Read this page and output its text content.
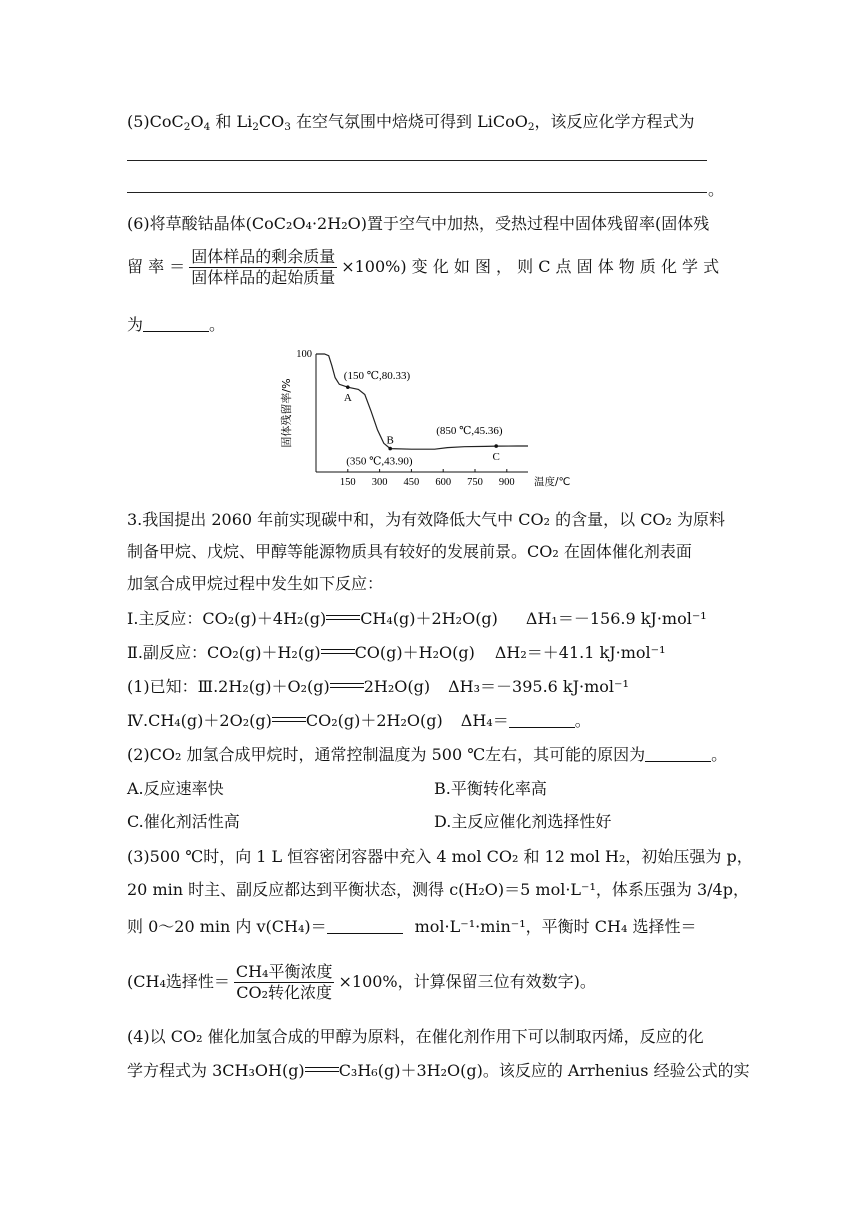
$(5)CoC_2O_4$ 和 $Li_2CO_3$ 在空气氛围中焙烧可得到 LiCoO$_2$，该反应化学方程式为
。
(6)将草酸钴晶体(CoC₂O₄·2H₂O)置于空气中加热，受热过程中固体残留率(固体残
留 率 ＝ $\frac{\text{固体样品的剩余质量}}{\text{固体样品的起始质量}} \times 100\%$) 变 化 如 图 ， 则 C 点 固 体 物 质 化 学 式
为	。
100
固体残留率/%
150 300 450 600 750 900 温度/℃
A
(150 ℃,80.33)
B
(350 ℃,43.90)	C
(850 ℃,45.36)
3.我国提出 2060 年前实现碳中和，为有效降低大气中 CO₂ 的含量，以 CO₂ 为原料
制备甲烷、戊烷、甲醇等能源物质具有较好的发展前景。CO₂ 在固体催化剂表面
加氢合成甲烷过程中发生如下反应：
Ⅰ.主反应：CO₂(g)＋4H₂(g) CH₄(g)＋2H₂O(g) ΔH₁＝－156.9 kJ·mol⁻¹
Ⅱ.副反应：CO₂(g)＋H₂(g) CO(g)＋H₂O(g) ΔH₂＝＋41.1 kJ·mol⁻¹
(1)已知：Ⅲ.2H₂(g)＋O₂(g) 2H₂O(g) ΔH₃＝－395.6 kJ·mol⁻¹
Ⅳ.CH₄(g)＋2O₂(g) CO₂(g)＋2H₂O(g) ΔH₄＝	。
(2)CO₂ 加氢合成甲烷时，通常控制温度为 500 ℃左右，其可能的原因为	。
A.反应速率快	B.平衡转化率高
C.催化剂活性高	D.主反应催化剂选择性好
(3)500 ℃时，向 1 L 恒容密闭容器中充入 4 mol CO₂ 和 12 mol H₂，初始压强为 p，
20 min 时主、副反应都达到平衡状态，测得 c(H₂O)＝5 mol·L⁻¹，体系压强为 3/4p，
则 0～20 min 内 v(CH₄)＝	mol·L⁻¹·min⁻¹，平衡时 CH₄ 选择性＝
(CH₄选择性＝ $\frac{\text{CH₄平衡浓度}}{\text{CO₂转化浓度}} \times 100\%$，计算保留三位有效数字)。
(4)以 CO₂ 催化加氢合成的甲醇为原料，在催化剂作用下可以制取丙烯，反应的化
学方程式为 3CH₃OH(g) C₃H₆(g)＋3H₂O(g)。该反应的 Arrhenius 经验公式的实
